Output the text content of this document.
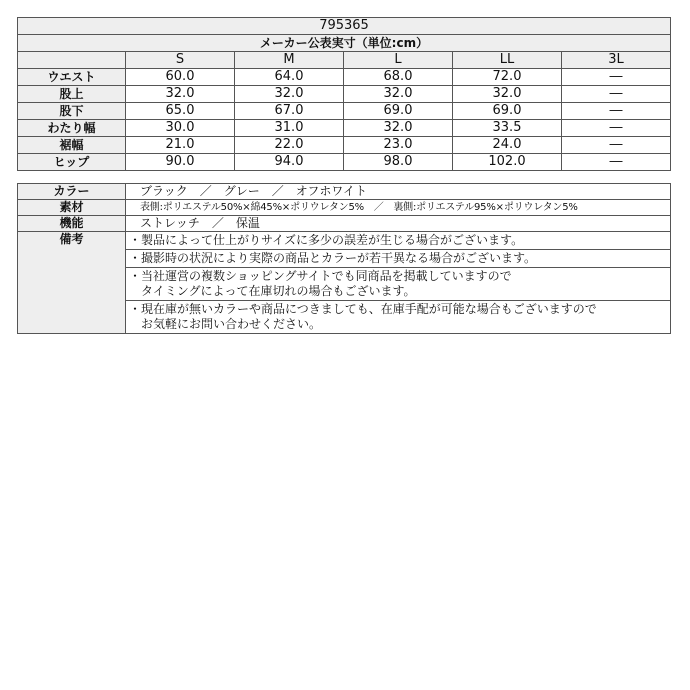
795365					
メーカー公表実寸（単位:cm）					
	S	M	L	LL	3L
ウエスト	60.0	64.0	68.0	72.0	―
股上	32.0	32.0	32.0	32.0	―
股下	65.0	67.0	69.0	69.0	―
わたり幅	30.0	31.0	32.0	33.5	―
裾幅	21.0	22.0	23.0	24.0	―
ヒップ	90.0	94.0	98.0	102.0	―
カラー	ブラック　／　グレー　／　オフホワイト
素材	表側:ポリエステル50%×綿45%×ポリウレタン5%　／　裏側:ポリエステル95%×ポリウレタン5%
機能	ストレッチ　／　保温
備考	・製品によって仕上がりサイズに多少の誤差が生じる場合がございます。

	・撮影時の状況により実際の商品とカラーが若干異なる場合がございます。

	・当社運営の複数ショッピングサイトでも同商品を掲載していますので
タイミングによって在庫切れの場合もございます。

	・現在庫が無いカラーや商品につきましても、在庫手配が可能な場合もございますので
お気軽にお問い合わせください。
